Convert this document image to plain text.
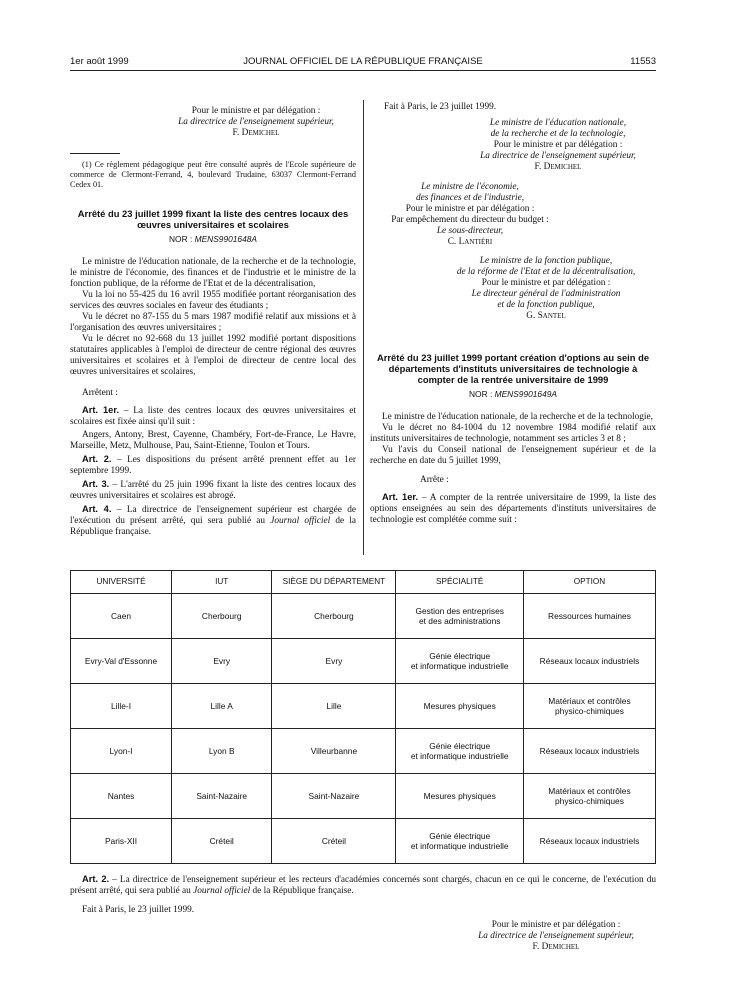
1er août 1999	JOURNAL OFFICIEL DE LA RÉPUBLIQUE FRANÇAISE	11553
Pour le ministre et par délégation :
La directrice de l'enseignement supérieur,
F. Demichel

(1) Ce règlement pédagogique peut être consulté auprès de l'Ecole supérieure de commerce de Clermont-Ferrand, 4, boulevard Trudaine, 63037 Clermont-Ferrand Cedex 01.

Arrêté du 23 juillet 1999 fixant la liste des centres locaux des œuvres universitaires et scolaires
NOR : MENS9901648A

Le ministre de l'éducation nationale, de la recherche et de la technologie, le ministre de l'économie, des finances et de l'industrie et le ministre de la fonction publique, de la réforme de l'Etat et de la décentralisation,

Vu la loi no 55-425 du 16 avril 1955 modifiée portant réorganisation des services des œuvres sociales en faveur des étudiants ;

Vu le décret no 87-155 du 5 mars 1987 modifié relatif aux missions et à l'organisation des œuvres universitaires ;

Vu le décret no 92-668 du 13 juillet 1992 modifié portant dispositions statutaires applicables à l'emploi de directeur de centre régional des œuvres universitaires et scolaires et à l'emploi de directeur de centre local des œuvres universitaires et scolaires,

Arrêtent :

Art. 1er. – La liste des centres locaux des œuvres universitaires et scolaires est fixée ainsi qu'il suit :

Angers, Antony, Brest, Cayenne, Chambéry, Fort-de-France, Le Havre, Marseille, Metz, Mulhouse, Pau, Saint-Etienne, Toulon et Tours.

Art. 2. – Les dispositions du présent arrêté prennent effet au 1er septembre 1999.

Art. 3. – L'arrêté du 25 juin 1996 fixant la liste des centres locaux des œuvres universitaires et scolaires est abrogé.

Art. 4. – La directrice de l'enseignement supérieur est chargée de l'exécution du présent arrêté, qui sera publié au Journal officiel de la République française.

Fait à Paris, le 23 juillet 1999.
Le ministre de l'éducation nationale,
de la recherche et de la technologie,
Pour le ministre et par délégation :
La directrice de l'enseignement supérieur,
F. Demichel
Le ministre de l'économie,
des finances et de l'industrie,
Pour le ministre et par délégation :
Par empêchement du directeur du budget :
Le sous-directeur,
C. Lantiéri
Le ministre de la fonction publique,
de la réforme de l'Etat et de la décentralisation,
Pour le ministre et par délégation :
Le directeur général de l'administration
et de la fonction publique,
G. Santel
Arrêté du 23 juillet 1999 portant création d'options au sein de départements d'instituts universitaires de technologie à compter de la rentrée universitaire de 1999
NOR : MENS9901649A

Le ministre de l'éducation nationale, de la recherche et de la technologie,

Vu le décret no 84-1004 du 12 novembre 1984 modifié relatif aux instituts universitaires de technologie, notamment ses articles 3 et 8 ;

Vu l'avis du Conseil national de l'enseignement supérieur et de la recherche en date du 5 juillet 1999,

Arrête :

Art. 1er. – A compter de la rentrée universitaire de 1999, la liste des options enseignées au sein des départements d'instituts universitaires de technologie est complétée comme suit :

UNIVERSITÉ	IUT	SIÈGE DU DÉPARTEMENT	SPÉCIALITÉ	OPTION
Caen	Cherbourg	Cherbourg	Gestion des entreprises
et des administrations	Ressources humaines
Evry-Val d'Essonne	Evry	Evry	Génie électrique
et informatique industrielle	Réseaux locaux industriels
Lille-I	Lille A	Lille	Mesures physiques	Matériaux et contrôles
physico-chimiques
Lyon-I	Lyon B	Villeurbanne	Génie électrique
et informatique industrielle	Réseaux locaux industriels
Nantes	Saint-Nazaire	Saint-Nazaire	Mesures physiques	Matériaux et contrôles
physico-chimiques
Paris-XII	Créteil	Créteil	Génie électrique
et informatique industrielle	Réseaux locaux industriels

Art. 2. – La directrice de l'enseignement supérieur et les recteurs d'académies concernés sont chargés, chacun en ce qui le concerne, de l'exécution du présent arrêté, qui sera publié au Journal officiel de la République française.

Fait à Paris, le 23 juillet 1999.

Pour le ministre et par délégation :
La directrice de l'enseignement supérieur,
F. Demichel
